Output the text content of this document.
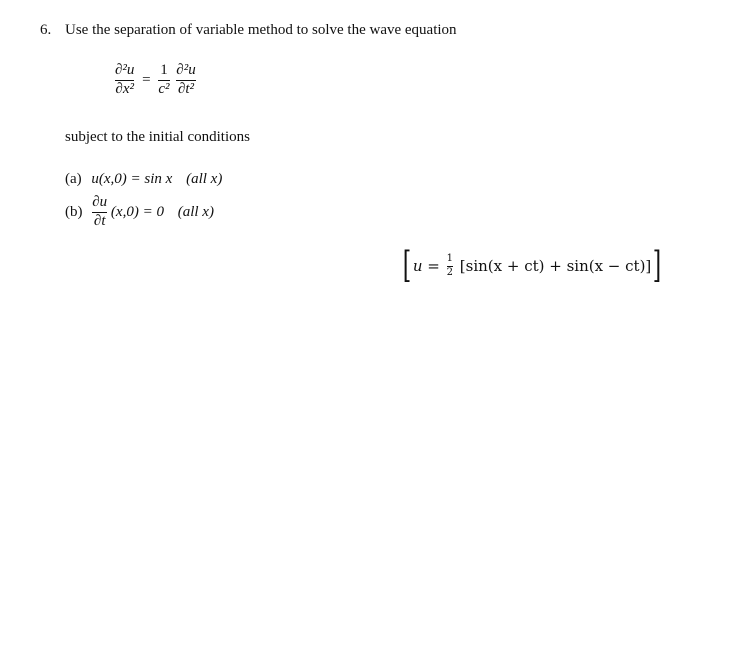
6. Use the separation of variable method to solve the wave equation
$\frac{\text{∂²u}}{\text{∂x²}} = \frac{1}{\text{c²}}$
$\frac{\text{∂²u}}{\text{∂t²}}$
subject to the initial conditions
(a) u(x,0) = sin x (all x)
$(b) \frac{\partial u}{\partial t} (x,0) = 0$ (all x)
[ $u = \frac{1}{2} [\sin(x + ct) + \sin(x - ct)]$ ]
